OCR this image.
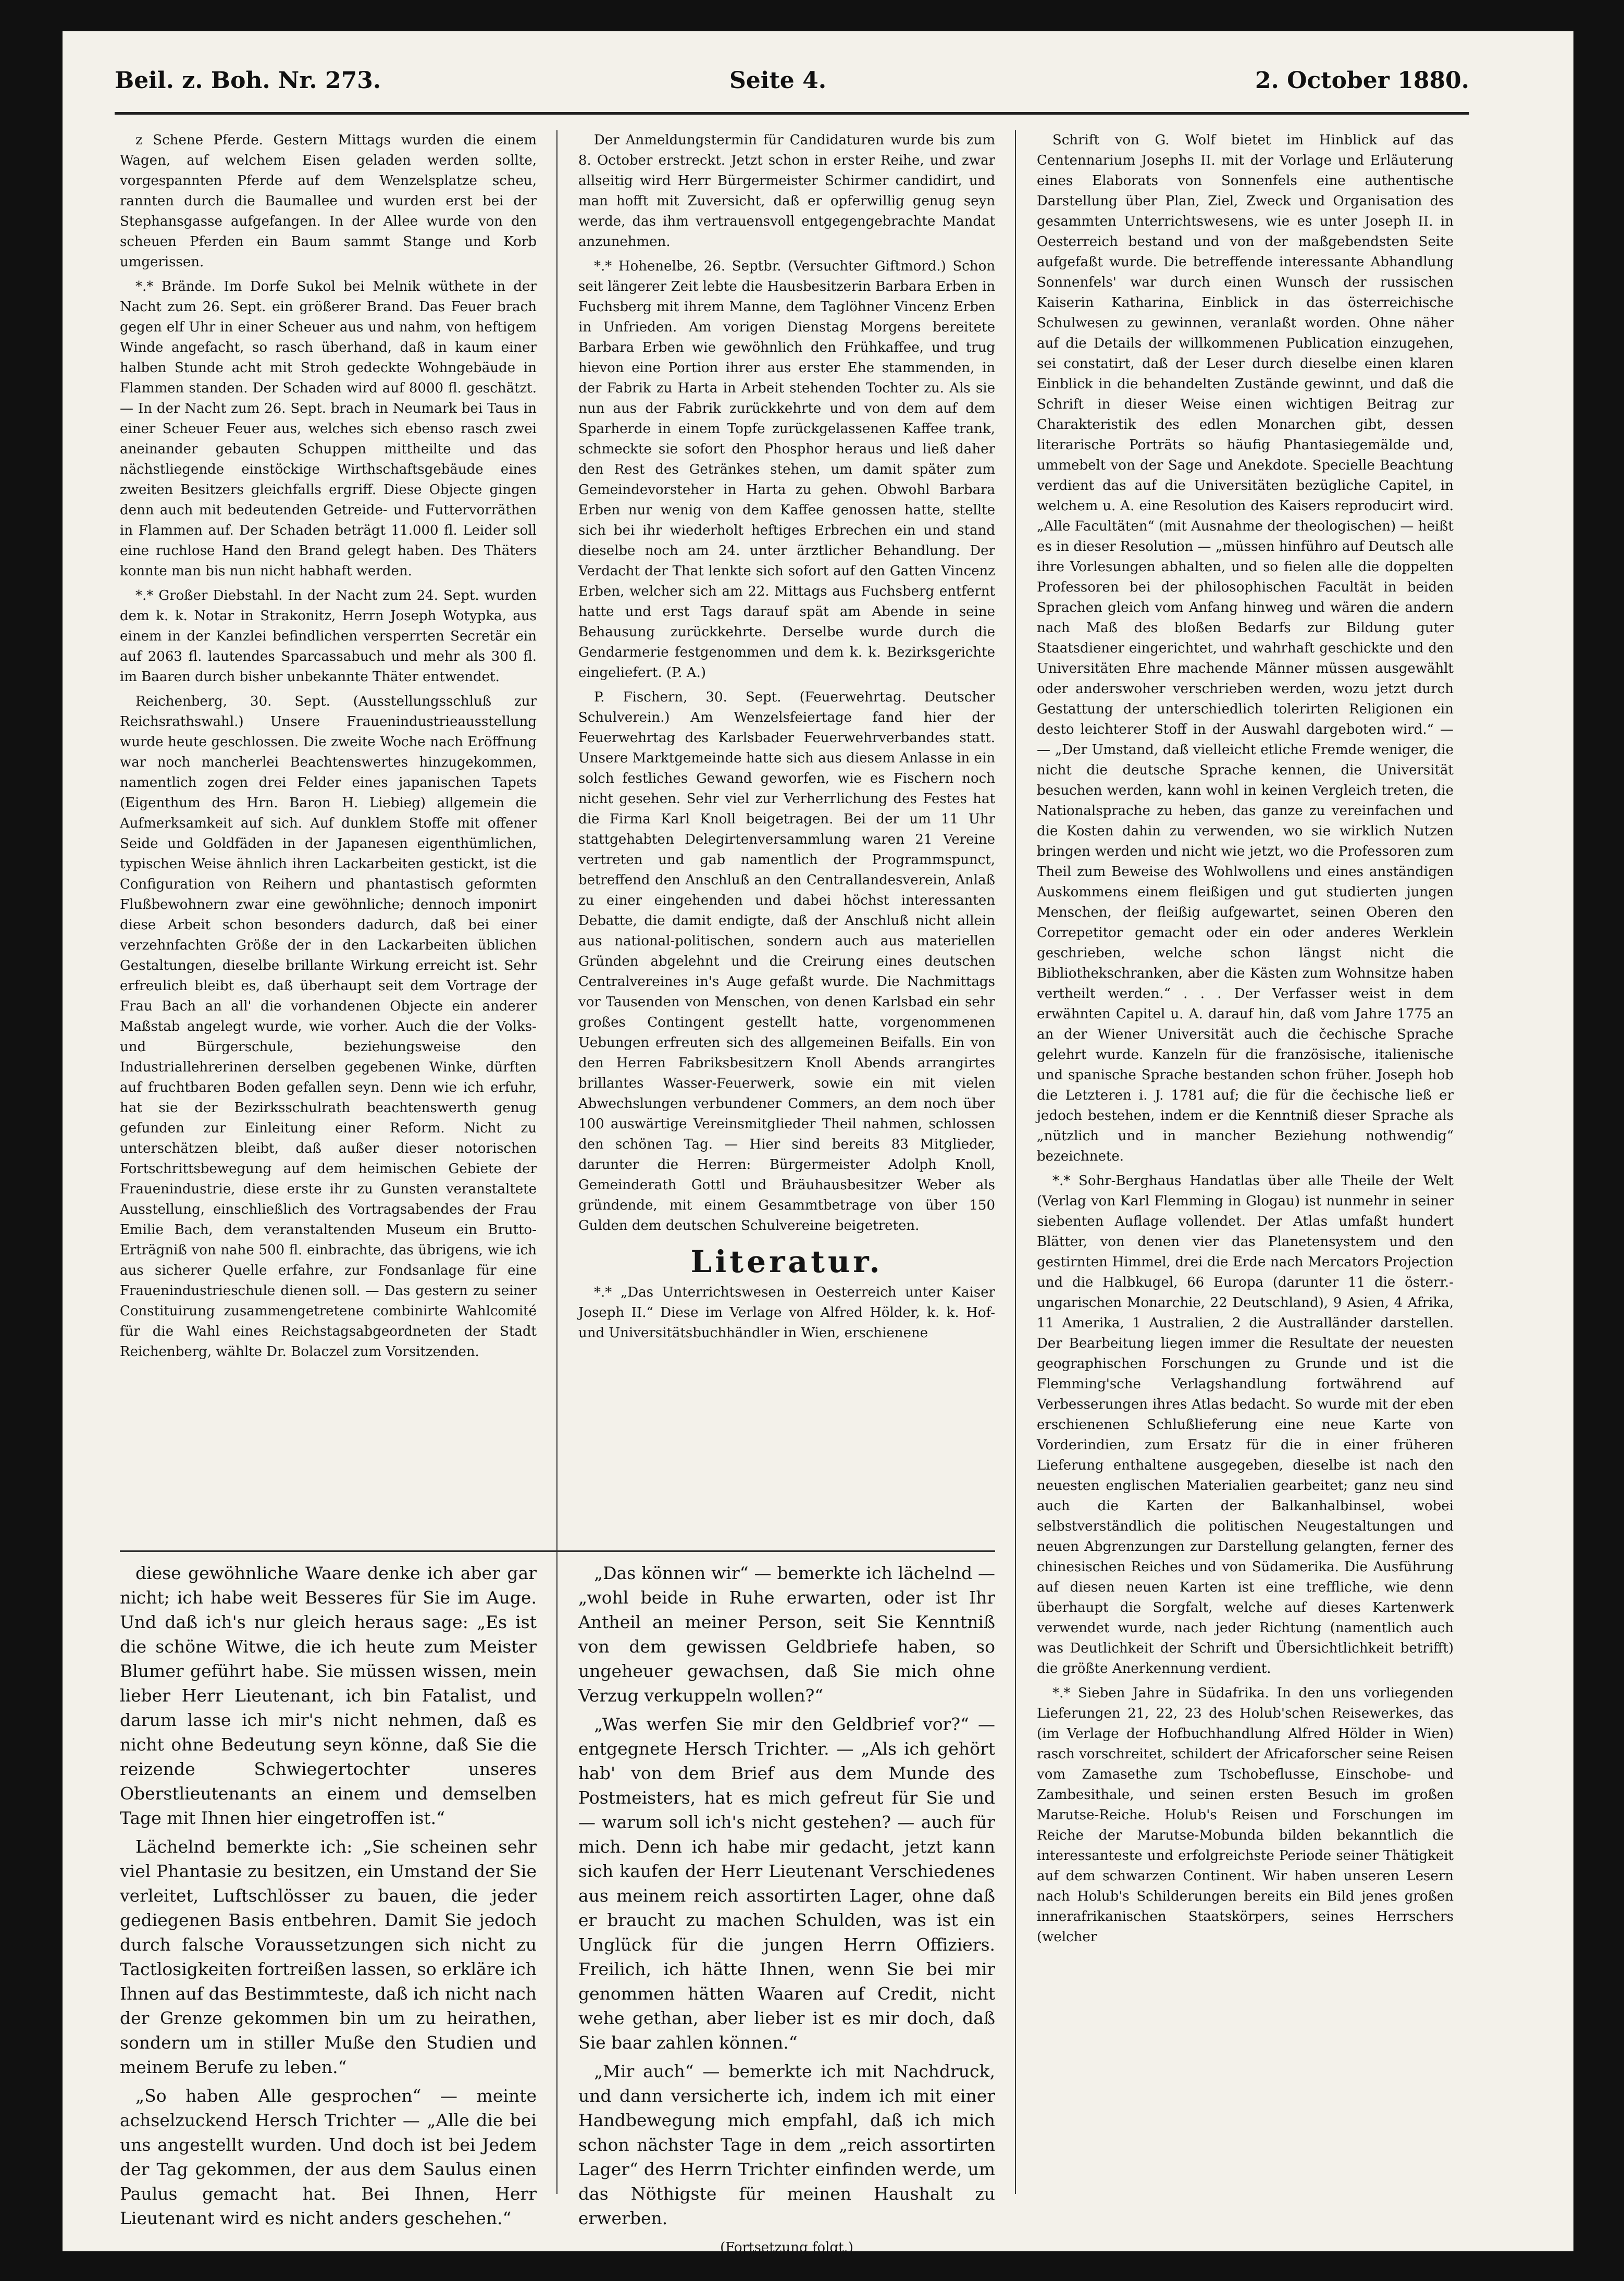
Beil. z. Boh. Nr. 273.	Seite 4.	2. October 1880.

z Schene Pferde. Gestern Mittags wurden die einem Wagen, auf welchem Eisen geladen werden sollte, vorgespannten Pferde auf dem Wenzelsplatze scheu, rannten durch die Baumallee und wurden erst bei der Stephansgasse aufgefangen. In der Allee wurde von den scheuen Pferden ein Baum sammt Stange und Korb umgerissen.

*.* Brände. Im Dorfe Sukol bei Melnik wüthete in der Nacht zum 26. Sept. ein größerer Brand. Das Feuer brach gegen elf Uhr in einer Scheuer aus und nahm, von heftigem Winde angefacht, so rasch überhand, daß in kaum einer halben Stunde acht mit Stroh gedeckte Wohngebäude in Flammen standen. Der Schaden wird auf 8000 fl. geschätzt. — In der Nacht zum 26. Sept. brach in Neumark bei Taus in einer Scheuer Feuer aus, welches sich ebenso rasch zwei aneinander gebauten Schuppen mittheilte und das nächstliegende einstöckige Wirthschaftsgebäude eines zweiten Besitzers gleichfalls ergriff. Diese Objecte gingen denn auch mit bedeutenden Getreide- und Futtervorräthen in Flammen auf. Der Schaden beträgt 11.000 fl. Leider soll eine ruchlose Hand den Brand gelegt haben. Des Thäters konnte man bis nun nicht habhaft werden.

*.* Großer Diebstahl. In der Nacht zum 24. Sept. wurden dem k. k. Notar in Strakonitz, Herrn Joseph Wotypka, aus einem in der Kanzlei befindlichen versperrten Secretär ein auf 2063 fl. lautendes Sparcassabuch und mehr als 300 fl. im Baaren durch bisher unbekannte Thäter entwendet.

Reichenberg, 30. Sept. (Ausstellungsschluß zur Reichsrathswahl.) Unsere Frauenindustrieausstellung wurde heute geschlossen. Die zweite Woche nach Eröffnung war noch mancherlei Beachtenswertes hinzugekommen, namentlich zogen drei Felder eines japanischen Tapets (Eigenthum des Hrn. Baron H. Liebieg) allgemein die Aufmerksamkeit auf sich. Auf dunklem Stoffe mit offener Seide und Goldfäden in der Japanesen eigenthümlichen, typischen Weise ähnlich ihren Lackarbeiten gestickt, ist die Configuration von Reihern und phantastisch geformten Flußbewohnern zwar eine gewöhnliche; dennoch imponirt diese Arbeit schon besonders dadurch, daß bei einer verzehnfachten Größe der in den Lackarbeiten üblichen Gestaltungen, dieselbe brillante Wirkung erreicht ist. Sehr erfreulich bleibt es, daß überhaupt seit dem Vortrage der Frau Bach an all' die vorhandenen Objecte ein anderer Maßstab angelegt wurde, wie vorher. Auch die der Volks- und Bürgerschule, beziehungsweise den Industriallehrerinen derselben gegebenen Winke, dürften auf fruchtbaren Boden gefallen seyn. Denn wie ich erfuhr, hat sie der Bezirksschulrath beachtenswerth genug gefunden zur Einleitung einer Reform. Nicht zu unterschätzen bleibt, daß außer dieser notorischen Fortschrittsbewegung auf dem heimischen Gebiete der Frauenindustrie, diese erste ihr zu Gunsten veranstaltete Ausstellung, einschließlich des Vortragsabendes der Frau Emilie Bach, dem veranstaltenden Museum ein Brutto-Erträgniß von nahe 500 fl. einbrachte, das übrigens, wie ich aus sicherer Quelle erfahre, zur Fondsanlage für eine Frauenindustrieschule dienen soll. — Das gestern zu seiner Constituirung zusammengetretene combinirte Wahlcomité für die Wahl eines Reichstagsabgeordneten der Stadt Reichenberg, wählte Dr. Bolaczel zum Vorsitzenden.

Der Anmeldungstermin für Candidaturen wurde bis zum 8. October erstreckt. Jetzt schon in erster Reihe, und zwar allseitig wird Herr Bürgermeister Schirmer candidirt, und man hofft mit Zuversicht, daß er opferwillig genug seyn werde, das ihm vertrauensvoll entgegengebrachte Mandat anzunehmen.

*.* Hohenelbe, 26. Septbr. (Versuchter Giftmord.) Schon seit längerer Zeit lebte die Hausbesitzerin Barbara Erben in Fuchsberg mit ihrem Manne, dem Taglöhner Vincenz Erben in Unfrieden. Am vorigen Dienstag Morgens bereitete Barbara Erben wie gewöhnlich den Frühkaffee, und trug hievon eine Portion ihrer aus erster Ehe stammenden, in der Fabrik zu Harta in Arbeit stehenden Tochter zu. Als sie nun aus der Fabrik zurückkehrte und von dem auf dem Sparherde in einem Topfe zurückgelassenen Kaffee trank, schmeckte sie sofort den Phosphor heraus und ließ daher den Rest des Getränkes stehen, um damit später zum Gemeindevorsteher in Harta zu gehen. Obwohl Barbara Erben nur wenig von dem Kaffee genossen hatte, stellte sich bei ihr wiederholt heftiges Erbrechen ein und stand dieselbe noch am 24. unter ärztlicher Behandlung. Der Verdacht der That lenkte sich sofort auf den Gatten Vincenz Erben, welcher sich am 22. Mittags aus Fuchsberg entfernt hatte und erst Tags darauf spät am Abende in seine Behausung zurückkehrte. Derselbe wurde durch die Gendarmerie festgenommen und dem k. k. Bezirksgerichte eingeliefert. (P. A.)

P. Fischern, 30. Sept. (Feuerwehrtag. Deutscher Schulverein.) Am Wenzelsfeiertage fand hier der Feuerwehrtag des Karlsbader Feuerwehrverbandes statt. Unsere Marktgemeinde hatte sich aus diesem Anlasse in ein solch festliches Gewand geworfen, wie es Fischern noch nicht gesehen. Sehr viel zur Verherrlichung des Festes hat die Firma Karl Knoll beigetragen. Bei der um 11 Uhr stattgehabten Delegirtenversammlung waren 21 Vereine vertreten und gab namentlich der Programmspunct, betreffend den Anschluß an den Centrallandesverein, Anlaß zu einer eingehenden und dabei höchst interessanten Debatte, die damit endigte, daß der Anschluß nicht allein aus national-politischen, sondern auch aus materiellen Gründen abgelehnt und die Creirung eines deutschen Centralvereines in's Auge gefaßt wurde. Die Nachmittags vor Tausenden von Menschen, von denen Karlsbad ein sehr großes Contingent gestellt hatte, vorgenommenen Uebungen erfreuten sich des allgemeinen Beifalls. Ein von den Herren Fabriksbesitzern Knoll Abends arrangirtes brillantes Wasser-Feuerwerk, sowie ein mit vielen Abwechslungen verbundener Commers, an dem noch über 100 auswärtige Vereinsmitglieder Theil nahmen, schlossen den schönen Tag. — Hier sind bereits 83 Mitglieder, darunter die Herren: Bürgermeister Adolph Knoll, Gemeinderath Gottl und Bräuhausbesitzer Weber als gründende, mit einem Gesammtbetrage von über 150 Gulden dem deutschen Schulvereine beigetreten.

Literatur.

*.* „Das Unterrichtswesen in Oesterreich unter Kaiser Joseph II.“ Diese im Verlage von Alfred Hölder, k. k. Hof- und Universitätsbuchhändler in Wien, erschienene

Schrift von G. Wolf bietet im Hinblick auf das Centennarium Josephs II. mit der Vorlage und Erläuterung eines Elaborats von Sonnenfels eine authentische Darstellung über Plan, Ziel, Zweck und Organisation des gesammten Unterrichtswesens, wie es unter Joseph II. in Oesterreich bestand und von der maßgebendsten Seite aufgefaßt wurde. Die betreffende interessante Abhandlung Sonnenfels' war durch einen Wunsch der russischen Kaiserin Katharina, Einblick in das österreichische Schulwesen zu gewinnen, veranlaßt worden. Ohne näher auf die Details der willkommenen Publication einzugehen, sei constatirt, daß der Leser durch dieselbe einen klaren Einblick in die behandelten Zustände gewinnt, und daß die Schrift in dieser Weise einen wichtigen Beitrag zur Charakteristik des edlen Monarchen gibt, dessen literarische Porträts so häufig Phantasiegemälde und, ummebelt von der Sage und Anekdote. Specielle Beachtung verdient das auf die Universitäten bezügliche Capitel, in welchem u. A. eine Resolution des Kaisers reproducirt wird. „Alle Facultäten“ (mit Ausnahme der theologischen) — heißt es in dieser Resolution — „müssen hinführo auf Deutsch alle ihre Vorlesungen abhalten, und so fielen alle die doppelten Professoren bei der philosophischen Facultät in beiden Sprachen gleich vom Anfang hinweg und wären die andern nach Maß des bloßen Bedarfs zur Bildung guter Staatsdiener eingerichtet, und wahrhaft geschickte und den Universitäten Ehre machende Männer müssen ausgewählt oder anderswoher verschrieben werden, wozu jetzt durch Gestattung der unterschiedlich tolerirten Religionen ein desto leichterer Stoff in der Auswahl dargeboten wird.“ — — „Der Umstand, daß vielleicht etliche Fremde weniger, die nicht die deutsche Sprache kennen, die Universität besuchen werden, kann wohl in keinen Vergleich treten, die Nationalsprache zu heben, das ganze zu vereinfachen und die Kosten dahin zu verwenden, wo sie wirklich Nutzen bringen werden und nicht wie jetzt, wo die Professoren zum Theil zum Beweise des Wohlwollens und eines anständigen Auskommens einem fleißigen und gut studierten jungen Menschen, der fleißig aufgewartet, seinen Oberen den Correpetitor gemacht oder ein oder anderes Werklein geschrieben, welche schon längst nicht die Bibliothekschranken, aber die Kästen zum Wohnsitze haben vertheilt werden.“ . . . Der Verfasser weist in dem erwähnten Capitel u. A. darauf hin, daß vom Jahre 1775 an an der Wiener Universität auch die čechische Sprache gelehrt wurde. Kanzeln für die französische, italienische und spanische Sprache bestanden schon früher. Joseph hob die Letzteren i. J. 1781 auf; die für die čechische ließ er jedoch bestehen, indem er die Kenntniß dieser Sprache als „nützlich und in mancher Beziehung nothwendig“ bezeichnete.

*.* Sohr-Berghaus Handatlas über alle Theile der Welt (Verlag von Karl Flemming in Glogau) ist nunmehr in seiner siebenten Auflage vollendet. Der Atlas umfaßt hundert Blätter, von denen vier das Planetensystem und den gestirnten Himmel, drei die Erde nach Mercators Projection und die Halbkugel, 66 Europa (darunter 11 die österr.-ungarischen Monarchie, 22 Deutschland), 9 Asien, 4 Afrika, 11 Amerika, 1 Australien, 2 die Australländer darstellen. Der Bearbeitung liegen immer die Resultate der neuesten geographischen Forschungen zu Grunde und ist die Flemming'sche Verlagshandlung fortwährend auf Verbesserungen ihres Atlas bedacht. So wurde mit der eben erschienenen Schlußlieferung eine neue Karte von Vorderindien, zum Ersatz für die in einer früheren Lieferung enthaltene ausgegeben, dieselbe ist nach den neuesten englischen Materialien gearbeitet; ganz neu sind auch die Karten der Balkanhalbinsel, wobei selbstverständlich die politischen Neugestaltungen und neuen Abgrenzungen zur Darstellung gelangten, ferner des chinesischen Reiches und von Südamerika. Die Ausführung auf diesen neuen Karten ist eine treffliche, wie denn überhaupt die Sorgfalt, welche auf dieses Kartenwerk verwendet wurde, nach jeder Richtung (namentlich auch was Deutlichkeit der Schrift und Übersichtlichkeit betrifft) die größte Anerkennung verdient.

*.* Sieben Jahre in Südafrika. In den uns vorliegenden Lieferungen 21, 22, 23 des Holub'schen Reisewerkes, das (im Verlage der Hofbuchhandlung Alfred Hölder in Wien) rasch vorschreitet, schildert der Africaforscher seine Reisen vom Zamasethe zum Tschobeflusse, Einschobe- und Zambesithale, und seinen ersten Besuch im großen Marutse-Reiche. Holub's Reisen und Forschungen im Reiche der Marutse-Mobunda bilden bekanntlich die interessanteste und erfolgreichste Periode seiner Thätigkeit auf dem schwarzen Continent. Wir haben unseren Lesern nach Holub's Schilderungen bereits ein Bild jenes großen innerafrikanischen Staatskörpers, seines Herrschers (welcher

diese gewöhnliche Waare denke ich aber gar nicht; ich habe weit Besseres für Sie im Auge. Und daß ich's nur gleich heraus sage: „Es ist die schöne Witwe, die ich heute zum Meister Blumer geführt habe. Sie müssen wissen, mein lieber Herr Lieutenant, ich bin Fatalist, und darum lasse ich mir's nicht nehmen, daß es nicht ohne Bedeutung seyn könne, daß Sie die reizende Schwiegertochter unseres Oberstlieutenants an einem und demselben Tage mit Ihnen hier eingetroffen ist.“

Lächelnd bemerkte ich: „Sie scheinen sehr viel Phantasie zu besitzen, ein Umstand der Sie verleitet, Luftschlösser zu bauen, die jeder gediegenen Basis entbehren. Damit Sie jedoch durch falsche Voraussetzungen sich nicht zu Tactlosigkeiten fortreißen lassen, so erkläre ich Ihnen auf das Bestimmteste, daß ich nicht nach der Grenze gekommen bin um zu heirathen, sondern um in stiller Muße den Studien und meinem Berufe zu leben.“

„So haben Alle gesprochen“ — meinte achselzuckend Hersch Trichter — „Alle die bei uns angestellt wurden. Und doch ist bei Jedem der Tag gekommen, der aus dem Saulus einen Paulus gemacht hat. Bei Ihnen, Herr Lieutenant wird es nicht anders geschehen.“

„Das können wir“ — bemerkte ich lächelnd — „wohl beide in Ruhe erwarten, oder ist Ihr Antheil an meiner Person, seit Sie Kenntniß von dem gewissen Geldbriefe haben, so ungeheuer gewachsen, daß Sie mich ohne Verzug verkuppeln wollen?“

„Was werfen Sie mir den Geldbrief vor?“ — entgegnete Hersch Trichter. — „Als ich gehört hab' von dem Brief aus dem Munde des Postmeisters, hat es mich gefreut für Sie und — warum soll ich's nicht gestehen? — auch für mich. Denn ich habe mir gedacht, jetzt kann sich kaufen der Herr Lieutenant Verschiedenes aus meinem reich assortirten Lager, ohne daß er braucht zu machen Schulden, was ist ein Unglück für die jungen Herrn Offiziers. Freilich, ich hätte Ihnen, wenn Sie bei mir genommen hätten Waaren auf Credit, nicht wehe gethan, aber lieber ist es mir doch, daß Sie baar zahlen können.“

„Mir auch“ — bemerkte ich mit Nachdruck, und dann versicherte ich, indem ich mit einer Handbewegung mich empfahl, daß ich mich schon nächster Tage in dem „reich assortirten Lager“ des Herrn Trichter einfinden werde, um das Nöthigste für meinen Haushalt zu erwerben.

(Fortsetzung folgt.)
